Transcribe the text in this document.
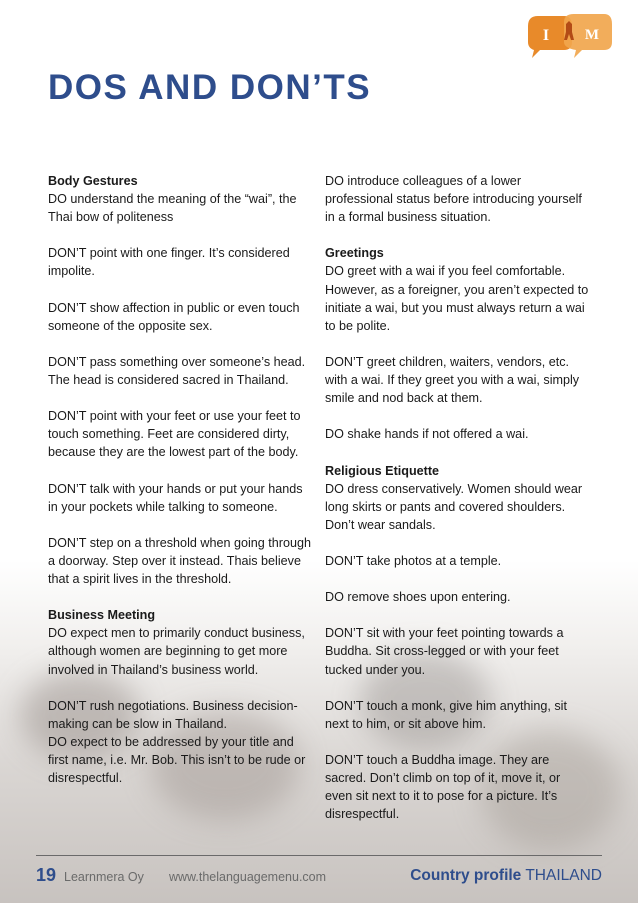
I M
DOS AND DON’TS

Body Gestures
DO understand the meaning of the “wai”, the Thai bow of politeness

DON’T point with one finger. It’s considered impolite.

DON’T show affection in public or even touch someone of the opposite sex.

DON’T pass something over someone’s head. The head is considered sacred in Thailand.

DON’T point with your feet or use your feet to touch something. Feet are considered dirty, because they are the lowest part of the body.

DON’T talk with your hands or put your hands in your pockets while talking to someone.

DON’T step on a threshold when going through a doorway. Step over it instead. Thais believe that a spirit lives in the threshold.

Business Meeting
DO expect men to primarily conduct business, although women are beginning to get more involved in Thailand’s business world.

DON’T rush negotiations. Business decision-making can be slow in Thailand.

DO expect to be addressed by your title and first name, i.e. Mr. Bob. This isn’t to be rude or disrespectful.

DO introduce colleagues of a lower professional status before introducing yourself in a formal business situation.

Greetings
DO greet with a wai if you feel comfortable. However, as a foreigner, you aren’t expected to initiate a wai, but you must always return a wai to be polite.

DON’T greet children, waiters, vendors, etc. with a wai. If they greet you with a wai, simply smile and nod back at them.

DO shake hands if not offered a wai.

Religious Etiquette
DO dress conservatively. Women should wear long skirts or pants and covered shoulders. Don’t wear sandals.

DON’T take photos at a temple.

DO remove shoes upon entering.

DON’T sit with your feet pointing towards a Buddha. Sit cross-legged or with your feet tucked under you.

DON’T touch a monk, give him anything, sit next to him, or sit above him.

DON’T touch a Buddha image. They are sacred. Don’t climb on top of it, move it, or even sit next to it to pose for a picture. It’s disrespectful.

19 Learnmera Oy www.thelanguagemenu.com	Country profile THAILAND
